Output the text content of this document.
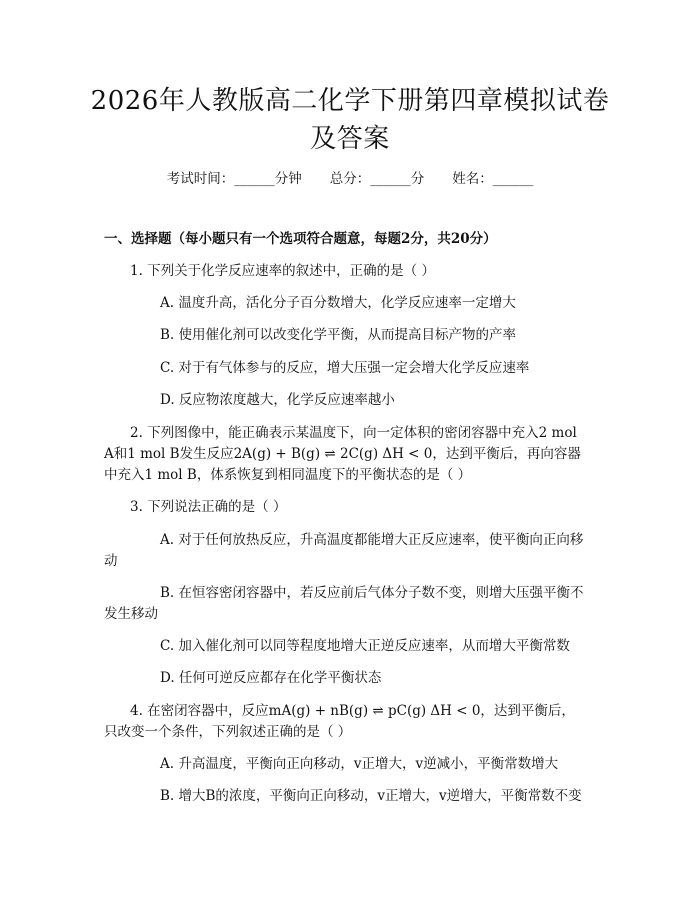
2026年人教版高二化学下册第四章模拟试卷
及答案
考试时间：______分钟 总分：______分 姓名：______
一、选择题（每小题只有一个选项符合题意，每题2分，共20分）
1. 下列关于化学反应速率的叙述中，正确的是（ ）
A. 温度升高，活化分子百分数增大，化学反应速率一定增大
B. 使用催化剂可以改变化学平衡，从而提高目标产物的产率
C. 对于有气体参与的反应，增大压强一定会增大化学反应速率
D. 反应物浓度越大，化学反应速率越小
2. 下列图像中，能正确表示某温度下，向一定体积的密闭容器中充入2 mol
A和1 mol B发生反应2A(g) + B(g) ⇌ 2C(g) ΔH < 0，达到平衡后，再向容器
中充入1 mol B，体系恢复到相同温度下的平衡状态的是（ ）
3. 下列说法正确的是（ ）
A. 对于任何放热反应，升高温度都能增大正反应速率，使平衡向正向移
动
B. 在恒容密闭容器中，若反应前后气体分子数不变，则增大压强平衡不
发生移动
C. 加入催化剂可以同等程度地增大正逆反应速率，从而增大平衡常数
D. 任何可逆反应都存在化学平衡状态
4. 在密闭容器中，反应mA(g) + nB(g) ⇌ pC(g) ΔH < 0，达到平衡后，
只改变一个条件，下列叙述正确的是（ ）
A. 升高温度，平衡向正向移动，v正增大，v逆减小，平衡常数增大
B. 增大B的浓度，平衡向正向移动，v正增大，v逆增大，平衡常数不变
